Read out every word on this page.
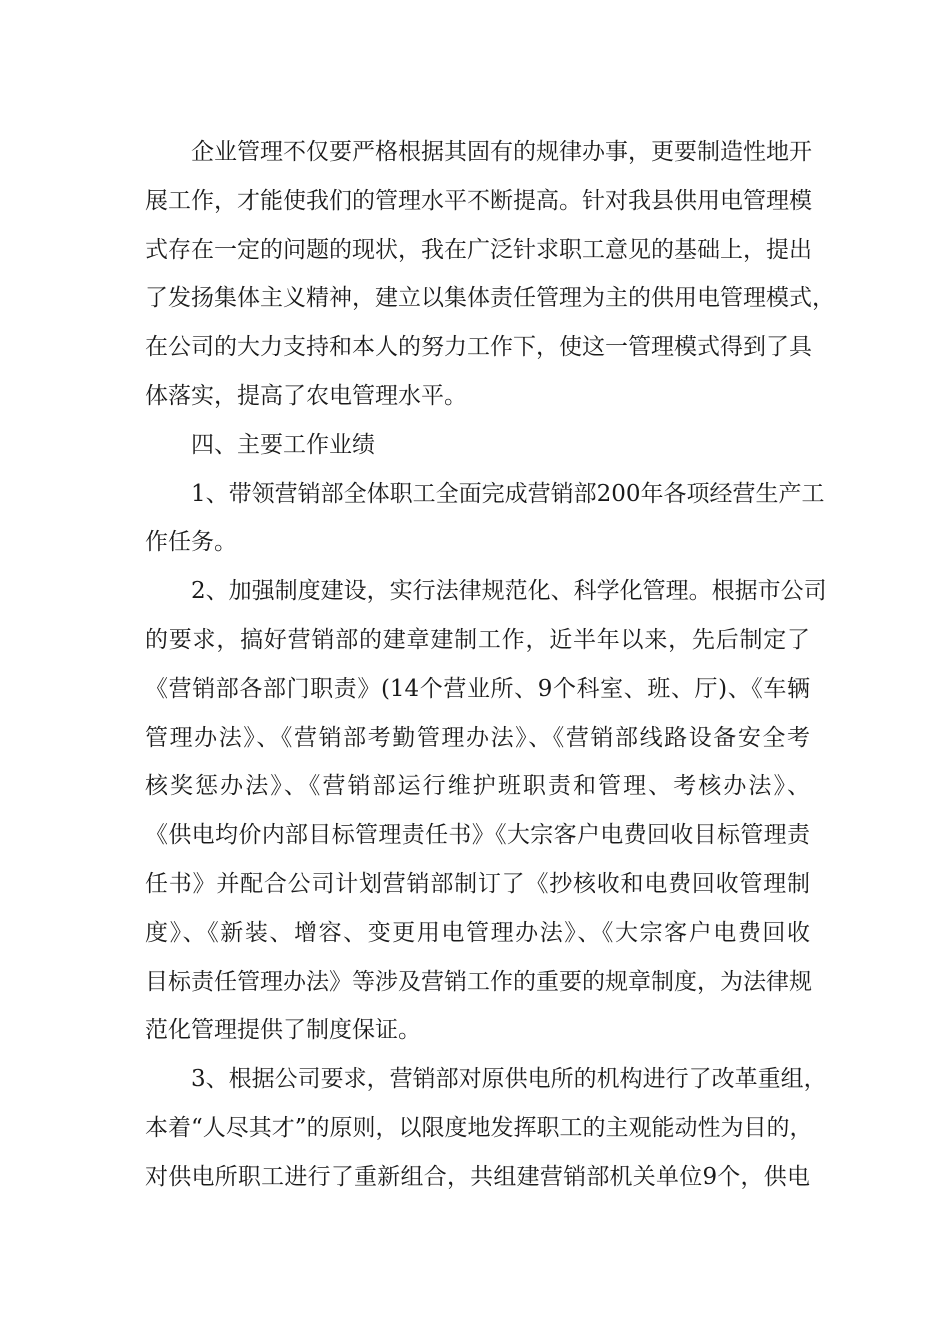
企业管理不仅要严格根据其固有的规律办事，更要制造性地开
展工作，才能使我们的管理水平不断提高。针对我县供用电管理模
式存在一定的问题的现状，我在广泛针求职工意见的基础上，提出
了发扬集体主义精神，建立以集体责任管理为主的供用电管理模式，
在公司的大力支持和本人的努力工作下，使这一管理模式得到了具
体落实，提高了农电管理水平。
四、主要工作业绩
1、带领营销部全体职工全面完成营销部200年各项经营生产工
作任务。
2、加强制度建设，实行法律规范化、科学化管理。根据市公司
的要求，搞好营销部的建章建制工作，近半年以来，先后制定了
《营销部各部门职责》(14个营业所、9个科室、班、厅)、《车辆
管理办法》、《营销部考勤管理办法》、《营销部线路设备安全考
核奖惩办法》、《营销部运行维护班职责和管理、考核办法》、
《供电均价内部目标管理责任书》《大宗客户电费回收目标管理责
任书》并配合公司计划营销部制订了《抄核收和电费回收管理制
度》、《新装、增容、变更用电管理办法》、《大宗客户电费回收
目标责任管理办法》等涉及营销工作的重要的规章制度，为法律规
范化管理提供了制度保证。
3、根据公司要求，营销部对原供电所的机构进行了改革重组，
本着“人尽其才”的原则，以限度地发挥职工的主观能动性为目的，
对供电所职工进行了重新组合，共组建营销部机关单位9个，供电
